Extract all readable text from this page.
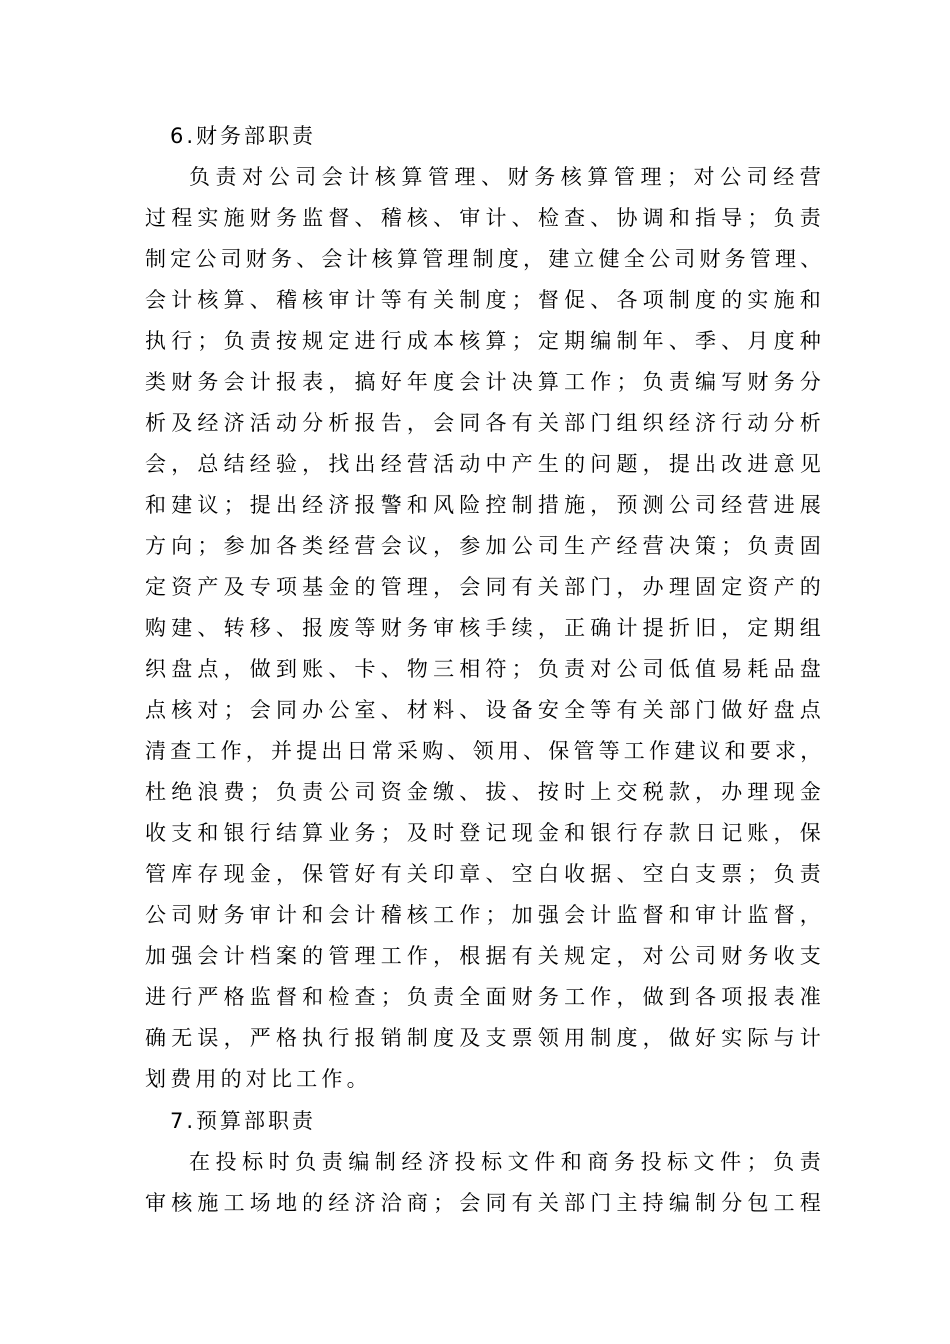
6.财务部职责
负责对公司会计核算管理、财务核算管理；对公司经营
过程实施财务监督、稽核、审计、检查、协调和指导；负责
制定公司财务、会计核算管理制度，建立健全公司财务管理、
会计核算、稽核审计等有关制度；督促、各项制度的实施和
执行；负责按规定进行成本核算；定期编制年、季、月度种
类财务会计报表，搞好年度会计决算工作；负责编写财务分
析及经济活动分析报告，会同各有关部门组织经济行动分析
会，总结经验，找出经营活动中产生的问题，提出改进意见
和建议；提出经济报警和风险控制措施，预测公司经营进展
方向；参加各类经营会议，参加公司生产经营决策；负责固
定资产及专项基金的管理，会同有关部门，办理固定资产的
购建、转移、报废等财务审核手续，正确计提折旧，定期组
织盘点，做到账、卡、物三相符；负责对公司低值易耗品盘
点核对；会同办公室、材料、设备安全等有关部门做好盘点
清查工作，并提出日常采购、领用、保管等工作建议和要求，
杜绝浪费；负责公司资金缴、拔、按时上交税款，办理现金
收支和银行结算业务；及时登记现金和银行存款日记账，保
管库存现金，保管好有关印章、空白收据、空白支票；负责
公司财务审计和会计稽核工作；加强会计监督和审计监督，
加强会计档案的管理工作，根据有关规定，对公司财务收支
进行严格监督和检查；负责全面财务工作，做到各项报表准
确无误，严格执行报销制度及支票领用制度，做好实际与计
划费用的对比工作。
7.预算部职责
在投标时负责编制经济投标文件和商务投标文件；负责
审核施工场地的经济洽商；会同有关部门主持编制分包工程
